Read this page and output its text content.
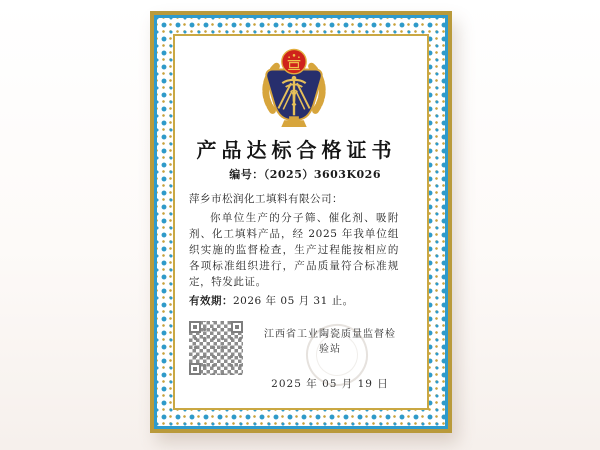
产品达标合格证书
编号：（2025）3603K026
萍乡市松润化工填料有限公司：

你单位生产的分子筛、催化剂、吸附剂、化工填料产品，经 2025 年我单位组织实施的监督检查，生产过程能按相应的各项标准组织进行，产品质量符合标准规定，特发此证。

有效期：2026 年 05 月 31 止。
江西省工业陶瓷质量监督检验站
2025 年 05 月 19 日
